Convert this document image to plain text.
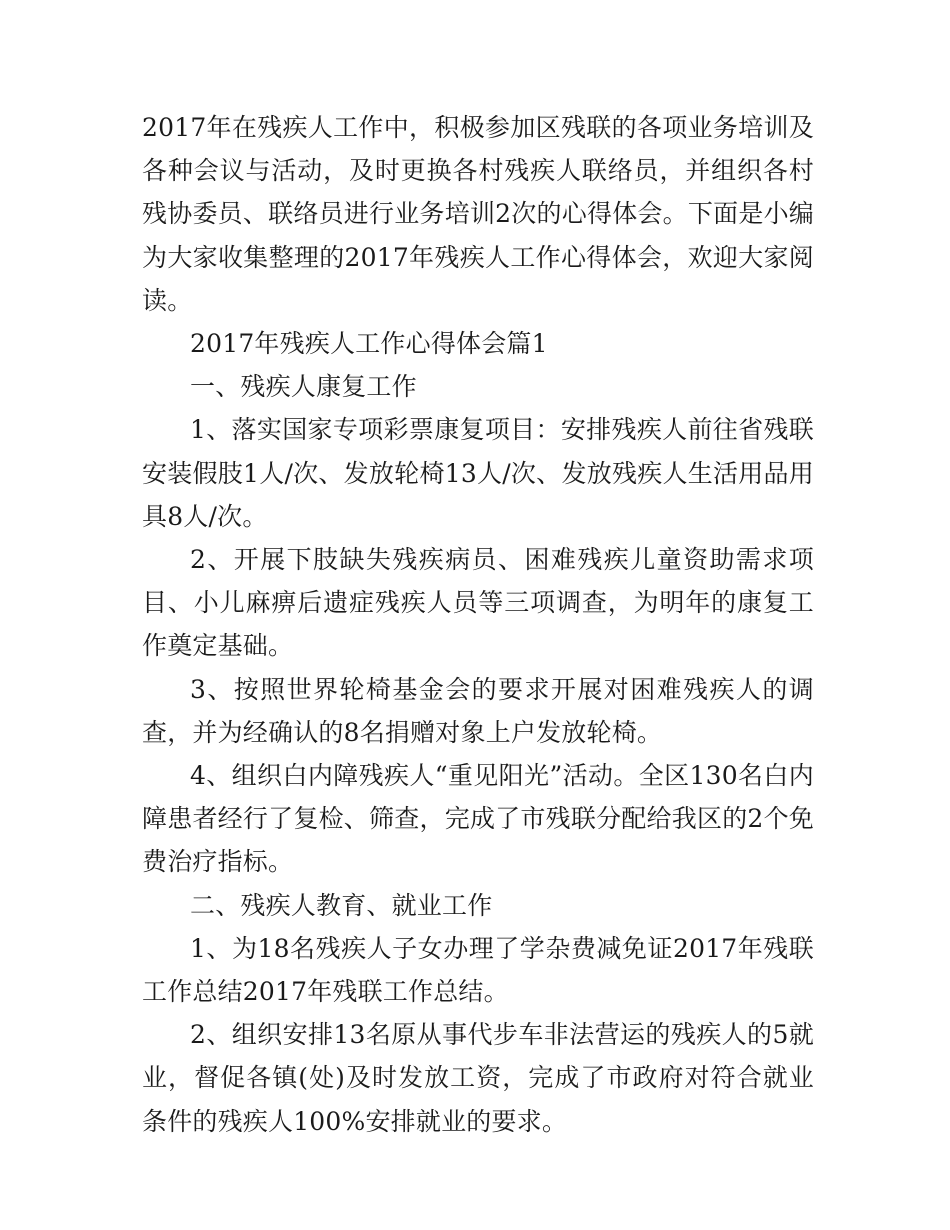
2017年在残疾人工作中，积极参加区残联的各项业务培训及各种会议与活动，及时更换各村残疾人联络员，并组织各村残协委员、联络员进行业务培训2次的心得体会。下面是小编为大家收集整理的2017年残疾人工作心得体会，欢迎大家阅读。

2017年残疾人工作心得体会篇1

一、残疾人康复工作

1、落实国家专项彩票康复项目：安排残疾人前往省残联安装假肢1人/次、发放轮椅13人/次、发放残疾人生活用品用具8人/次。

2、开展下肢缺失残疾病员、困难残疾儿童资助需求项目、小儿麻痹后遗症残疾人员等三项调查，为明年的康复工作奠定基础。

3、按照世界轮椅基金会的要求开展对困难残疾人的调查，并为经确认的8名捐赠对象上户发放轮椅。

4、组织白内障残疾人“重见阳光”活动。全区130名白内障患者经行了复检、筛查，完成了市残联分配给我区的2个免费治疗指标。

二、残疾人教育、就业工作

1、为18名残疾人子女办理了学杂费减免证2017年残联工作总结2017年残联工作总结。

2、组织安排13名原从事代步车非法营运的残疾人的5就业，督促各镇(处)及时发放工资，完成了市政府对符合就业条件的残疾人100%安排就业的要求。
